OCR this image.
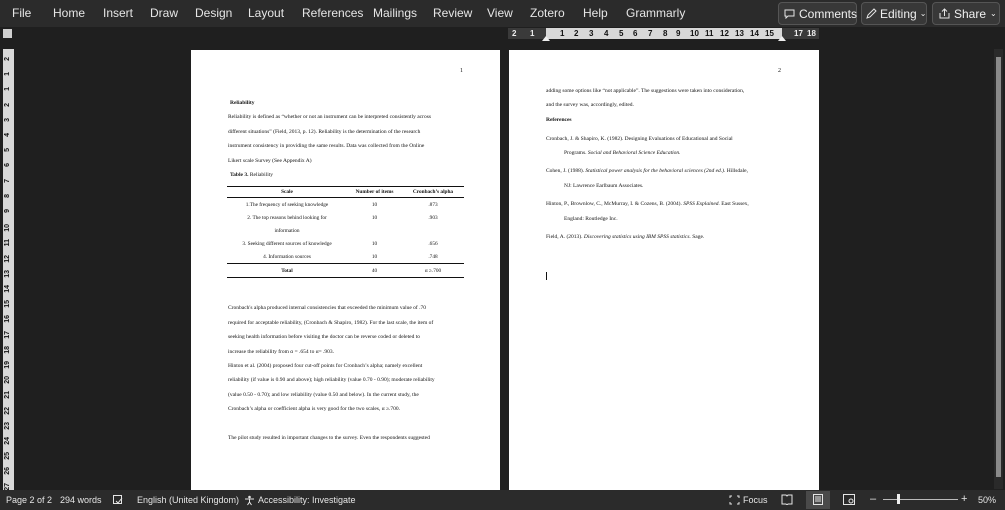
File Home Insert Draw Design Layout References Mailings Review View Zotero Help Grammarly	Comments Editing ⌄ Share ⌄
2 1	1 2 3 4 5 6 7 8 9 10 11 12 13 14 15	17 18
2
1
1
2
3
4
5
6
7
8
9
10
11
12
13
14
15
16
17
18
19
20
21
22
23
24
25
26
27
1
Reliability
Reliability is defined as “whether or not an instrument can be interpreted consistently across
different situations” (Field, 2013, p. 12). Reliability is the determination of the research
instrument consistency in providing the same results. Data was collected from the Online
Likert scale Survey (See Appendix A)
Table 3. Reliability
Scale	Number of items	Cronbach’s alpha
1.The frequency of seeking knowledge	10	.873
2. The top reasons behind looking for	10	.903
information		
3. Seeking different sources of knowledge	10	.656
4. Information sources	10	.748
Total	40	α ≥.700
Cronbach's alpha produced internal consistencies that exceeded the minimum value of .70
required for acceptable reliability, (Cronbach & Shapiro, 1982). For the last scale, the item of
seeking health information before visiting the doctor can be reverse coded or deleted to
increase the reliability from α = .654 to α= .903.
Hinton et al. (2004) proposed four cut-off points for Cronbach’s alpha; namely excellent
reliability (if value is 0.90 and above); high reliability (value 0.70 - 0.90); moderate reliability
(value 0.50 - 0.70); and low reliability (value 0.50 and below). In the current study, the
Cronbach’s alpha or coefficient alpha is very good for the two scales, α ≥.700.
The pilot study resulted in important changes to the survey. Even the respondents suggested
2
adding some options like “not applicable”. The suggestions were taken into consideration,
and the survey was, accordingly, edited.
References
Cronbach, J. & Shapiro, K. (1982). Designing Evaluations of Educational and Social
Programs. Social and Behavioral Science Education.
Cohen, J. (1988). Statistical power analysis for the behavioral sciences (2nd ed.). Hillsdale,
NJ: Lawrence Earlbaum Associates.
Hinton, P., Brownlow, C., McMurray, I. & Cozens, B. (2004). SPSS Explained. East Sussex,
England: Routledge Inc.
Field, A. (2013). Discovering statistics using IBM SPSS statistics. Sage.
Page 2 of 2 294 words	English (United Kingdom) Accessibility: Investigate	Focus	–	+ 50%
